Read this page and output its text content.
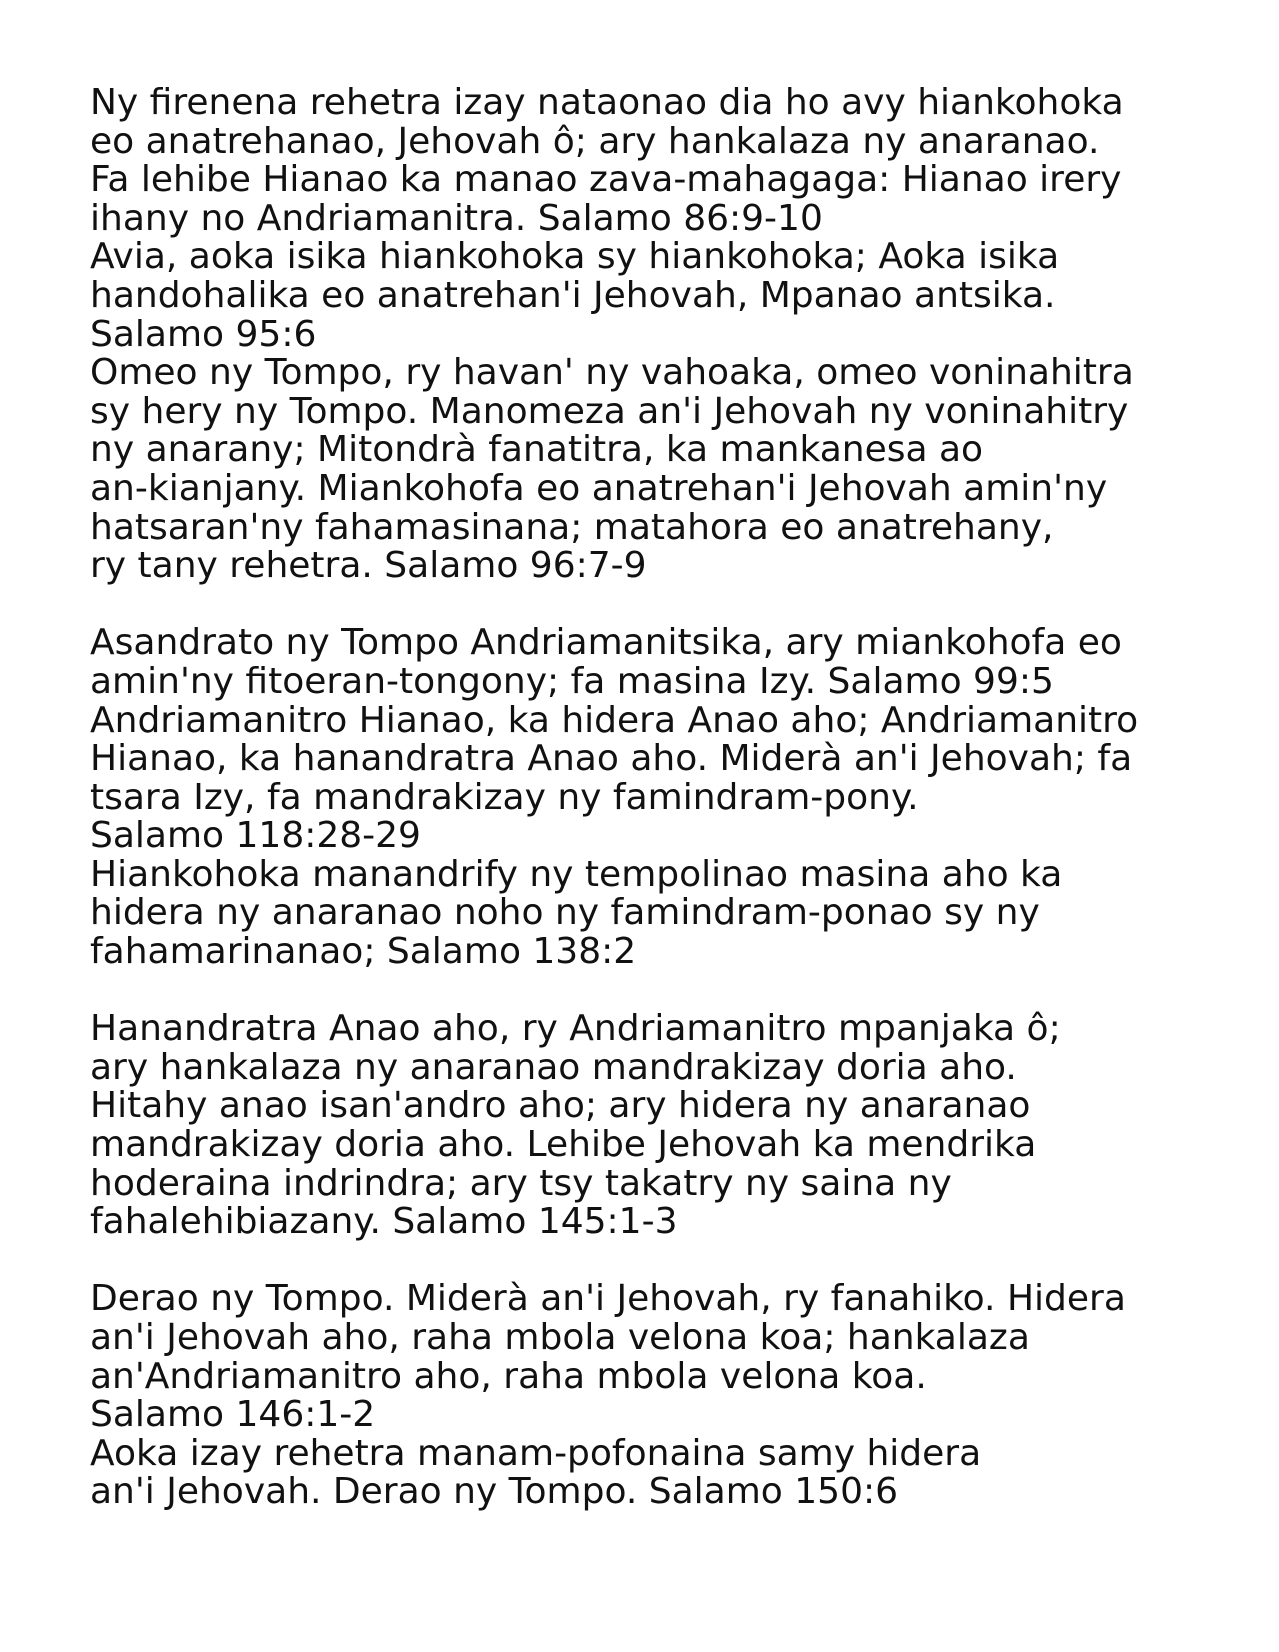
Ny firenena rehetra izay nataonao dia ho avy hiankohoka
eo anatrehanao, Jehovah ô; ary hankalaza ny anaranao.
Fa lehibe Hianao ka manao zava-mahagaga: Hianao irery
ihany no Andriamanitra. Salamo 86:9-10
Avia, aoka isika hiankohoka sy hiankohoka; Aoka isika
handohalika eo anatrehan'i Jehovah, Mpanao antsika.
Salamo 95:6
Omeo ny Tompo, ry havan' ny vahoaka, omeo voninahitra
sy hery ny Tompo. Manomeza an'i Jehovah ny voninahitry
ny anarany; Mitondrà fanatitra, ka mankanesa ao
an-kianjany. Miankohofa eo anatrehan'i Jehovah amin'ny
hatsaran'ny fahamasinana; matahora eo anatrehany,
ry tany rehetra. Salamo 96:7-9
Asandrato ny Tompo Andriamanitsika, ary miankohofa eo
amin'ny fitoeran-tongony; fa masina Izy. Salamo 99:5
Andriamanitro Hianao, ka hidera Anao aho; Andriamanitro
Hianao, ka hanandratra Anao aho. Miderà an'i Jehovah; fa
tsara Izy, fa mandrakizay ny famindram-pony.
Salamo 118:28-29
Hiankohoka manandrify ny tempolinao masina aho ka
hidera ny anaranao noho ny famindram-ponao sy ny
fahamarinanao; Salamo 138:2
Hanandratra Anao aho, ry Andriamanitro mpanjaka ô;
ary hankalaza ny anaranao mandrakizay doria aho.
Hitahy anao isan'andro aho; ary hidera ny anaranao
mandrakizay doria aho. Lehibe Jehovah ka mendrika
hoderaina indrindra; ary tsy takatry ny saina ny
fahalehibiazany. Salamo 145:1-3
Derao ny Tompo. Miderà an'i Jehovah, ry fanahiko. Hidera
an'i Jehovah aho, raha mbola velona koa; hankalaza
an'Andriamanitro aho, raha mbola velona koa.
Salamo 146:1-2
Aoka izay rehetra manam-pofonaina samy hidera
an'i Jehovah. Derao ny Tompo. Salamo 150:6
